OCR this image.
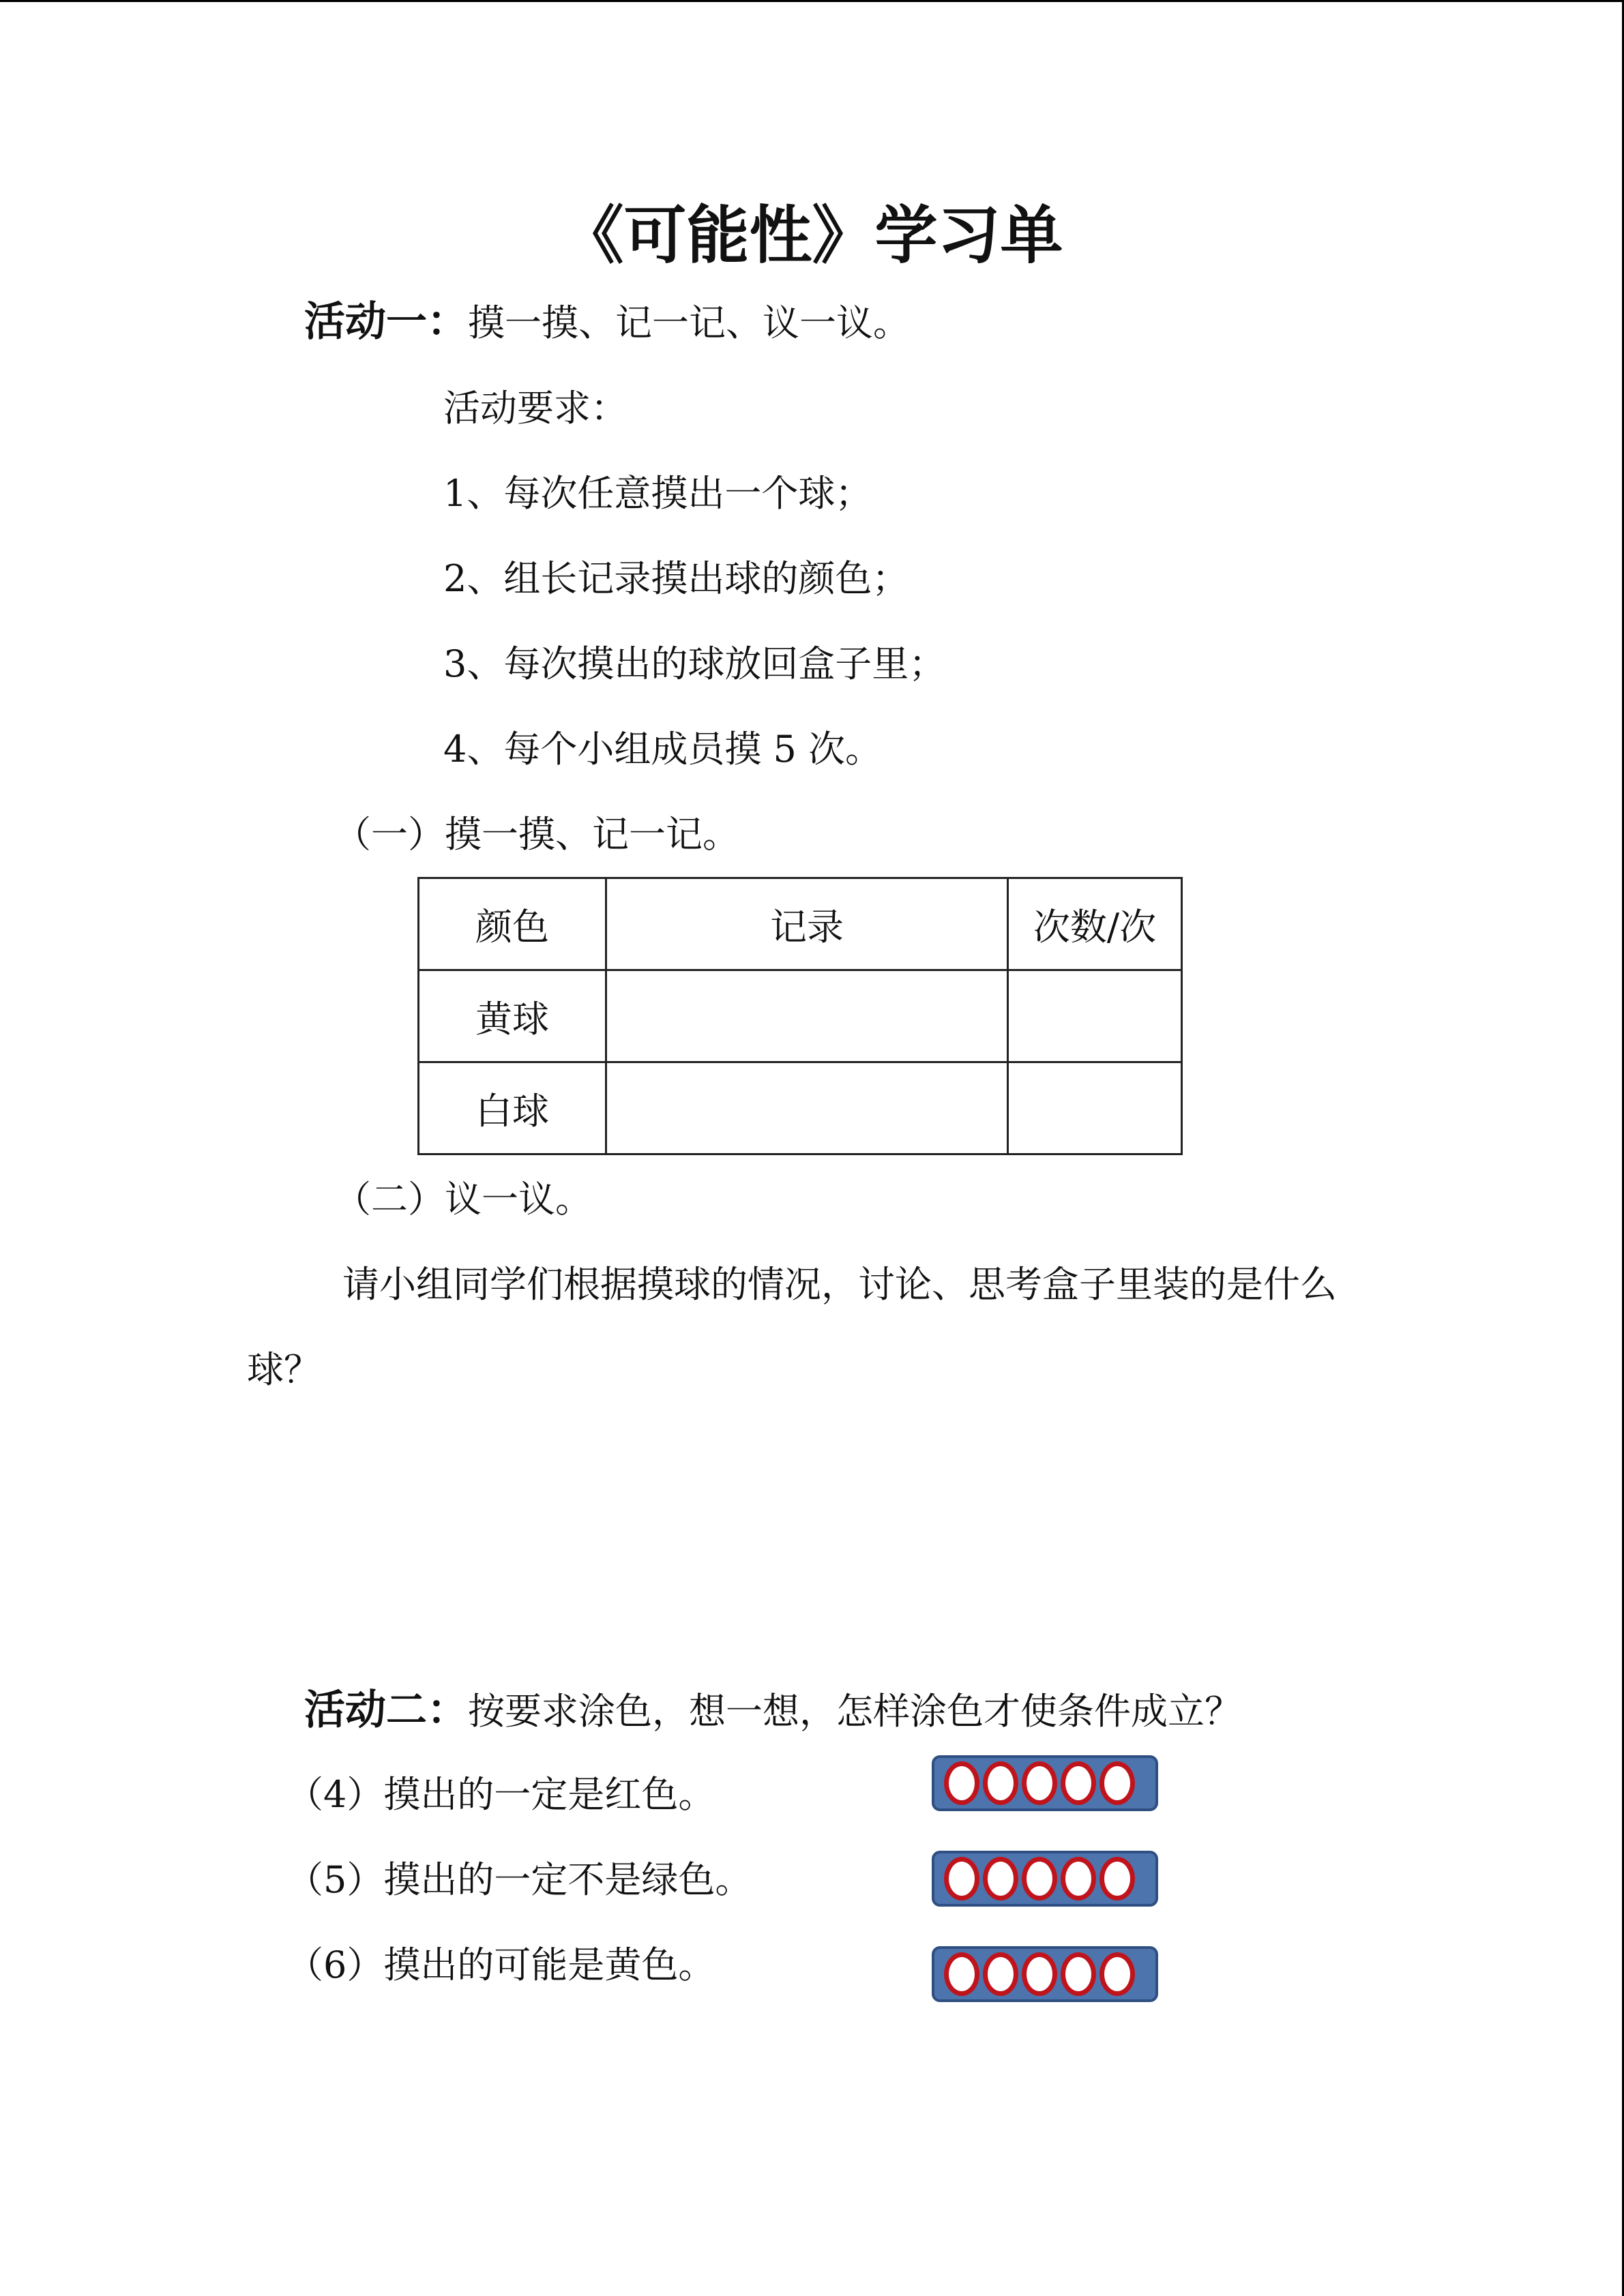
《可能性》学习单
活动一：摸一摸、记一记、议一议。
活动要求：
1、每次任意摸出一个球；
2、组长记录摸出球的颜色；
3、每次摸出的球放回盒子里；
4、每个小组成员摸 5 次。
（一）摸一摸、记一记。
颜色	记录	次数/次
黄球		
白球		
（二）议一议。
请小组同学们根据摸球的情况，讨论、思考盒子里装的是什么
球？
活动二：按要求涂色，想一想，怎样涂色才使条件成立？
（4）摸出的一定是红色。
（5）摸出的一定不是绿色。
（6）摸出的可能是黄色。
